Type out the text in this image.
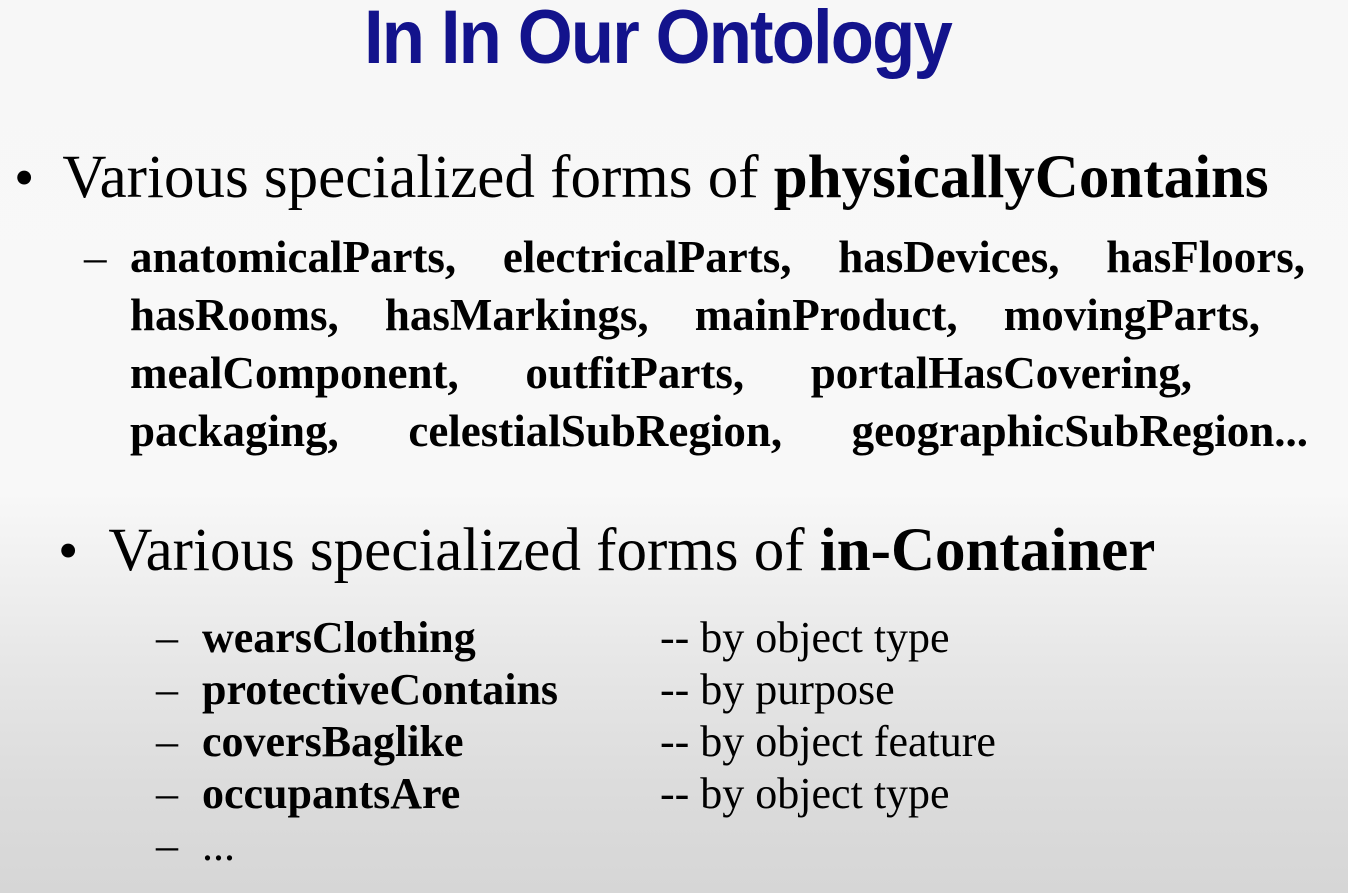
In In Our Ontology
• Various specialized forms of physicallyContains
– anatomicalParts, electricalParts, hasDevices, hasFloors,
hasRooms, hasMarkings, mainProduct, movingParts,
mealComponent, outfitParts, portalHasCovering,
packaging, celestialSubRegion, geographicSubRegion...
• Various specialized forms of in-Container
– wearsClothing	-- by object type
– protectiveContains	-- by purpose
– coversBaglike	-- by object feature
– occupantsAre	-- by object type
– ...
